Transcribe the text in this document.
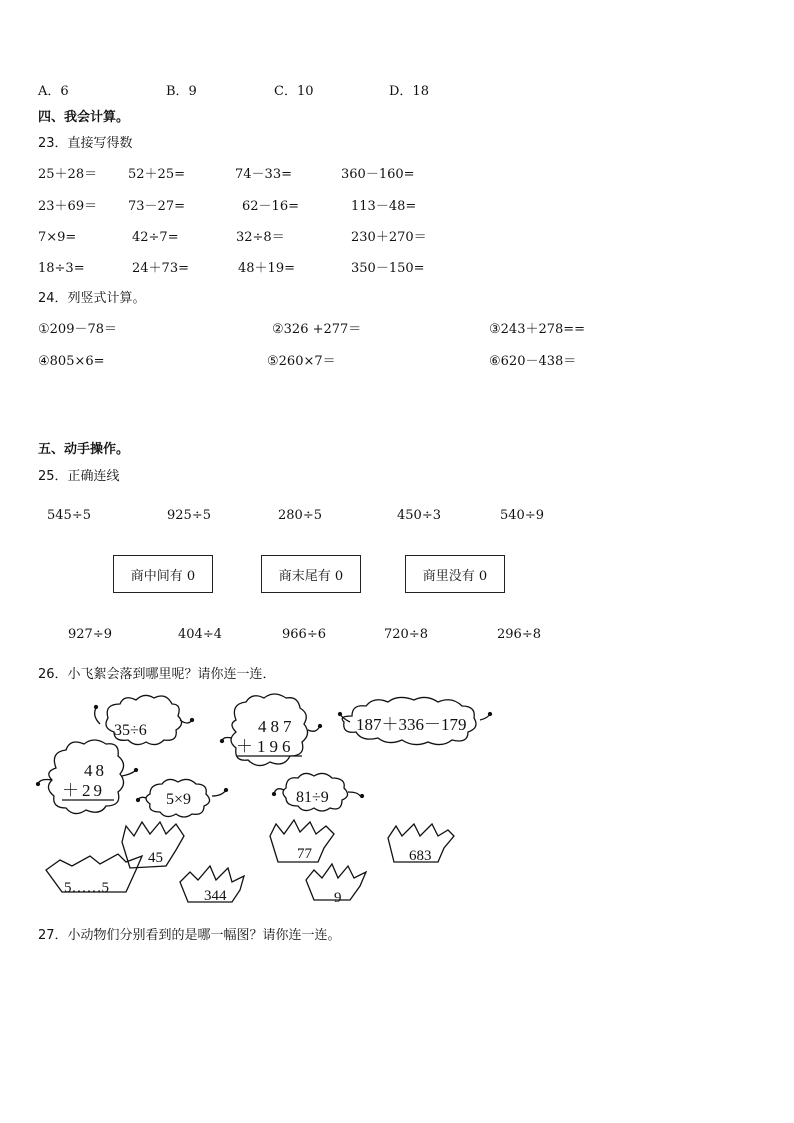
A．6	B．9	C．10	D．18
四、我会计算。
23．直接写得数
25＋28＝ 52＋25=	74－33=	360－160=
23＋69＝ 73－27=	62－16=	113－48=
7×9=	42÷7=	32÷8＝	230＋270＝
18÷3=	24＋73=	48＋19=	350－150=
24．列竖式计算。
①209－78＝	②326 +277＝	③243＋278==
④805×6=	⑤260×7＝	⑥620－438＝
五、动手操作。
25．正确连线
545÷5	925÷5	280÷5	450÷3	540÷9
商中间有 0	商末尾有 0	商里没有 0
927÷9	404÷4	966÷6	720÷8	296÷8
26．小飞絮会落到哪里呢？请你连一连．
35÷6	487
＋196
187＋336－179
48
＋29	5×9	81÷9
45	77	683
5……5	344	9
27．小动物们分别看到的是哪一幅图？请你连一连。
